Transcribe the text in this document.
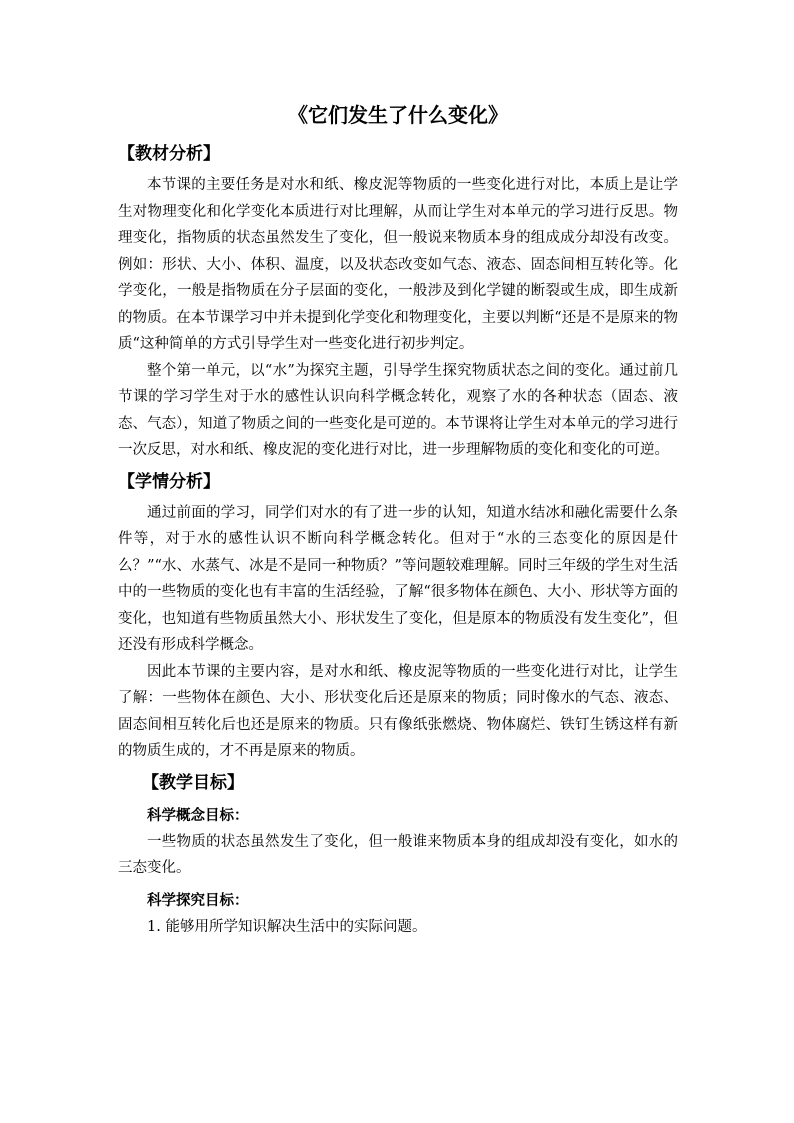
《它们发生了什么变化》
【教材分析】

本节课的主要任务是对水和纸、橡皮泥等物质的一些变化进行对比，本质上是让学生对物理变化和化学变化本质进行对比理解，从而让学生对本单元的学习进行反思。物理变化，指物质的状态虽然发生了变化，但一般说来物质本身的组成成分却没有改变。例如：形状、大小、体积、温度，以及状态改变如气态、液态、固态间相互转化等。化学变化，一般是指物质在分子层面的变化，一般涉及到化学键的断裂或生成，即生成新的物质。在本节课学习中并未提到化学变化和物理变化，主要以判断“还是不是原来的物质“这种简单的方式引导学生对一些变化进行初步判定。

整个第一单元，以“水”为探究主题，引导学生探究物质状态之间的变化。通过前几节课的学习学生对于水的感性认识向科学概念转化，观察了水的各种状态（固态、液态、气态），知道了物质之间的一些变化是可逆的。本节课将让学生对本单元的学习进行一次反思，对水和纸、橡皮泥的变化进行对比，进一步理解物质的变化和变化的可逆。

【学情分析】

通过前面的学习，同学们对水的有了进一步的认知，知道水结冰和融化需要什么条件等，对于水的感性认识不断向科学概念转化。但对于“水的三态变化的原因是什么？”“水、水蒸气、冰是不是同一种物质？”等问题较难理解。同时三年级的学生对生活中的一些物质的变化也有丰富的生活经验，了解“很多物体在颜色、大小、形状等方面的变化，也知道有些物质虽然大小、形状发生了变化，但是原本的物质没有发生变化”，但还没有形成科学概念。

因此本节课的主要内容，是对水和纸、橡皮泥等物质的一些变化进行对比，让学生了解：一些物体在颜色、大小、形状变化后还是原来的物质；同时像水的气态、液态、固态间相互转化后也还是原来的物质。只有像纸张燃烧、物体腐烂、铁钉生锈这样有新的物质生成的，才不再是原来的物质。

【教学目标】
科学概念目标：

一些物质的状态虽然发生了变化，但一般谁来物质本身的组成却没有变化，如水的三态变化。

科学探究目标：

1. 能够用所学知识解决生活中的实际问题。
